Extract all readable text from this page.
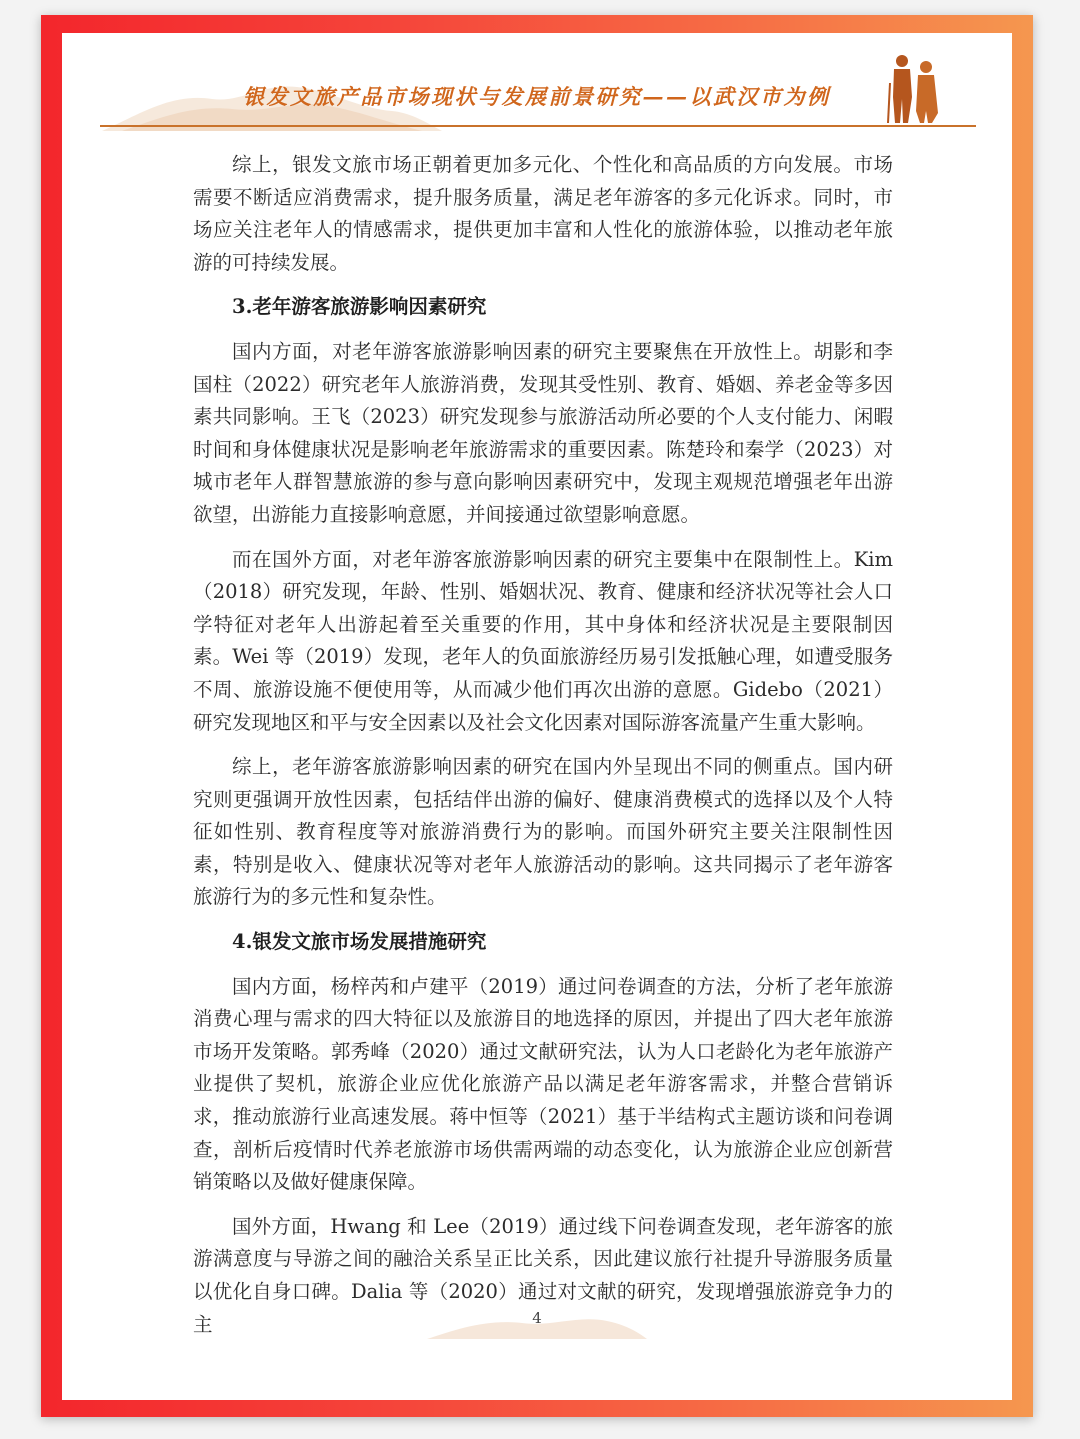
银发文旅产品市场现状与发展前景研究——以武汉市为例

综上，银发文旅市场正朝着更加多元化、个性化和高品质的方向发展。市场需要不断适应消费需求，提升服务质量，满足老年游客的多元化诉求。同时，市场应关注老年人的情感需求，提供更加丰富和人性化的旅游体验，以推动老年旅游的可持续发展。

3.老年游客旅游影响因素研究

国内方面，对老年游客旅游影响因素的研究主要聚焦在开放性上。胡影和李国柱（2022）研究老年人旅游消费，发现其受性别、教育、婚姻、养老金等多因素共同影响。王飞（2023）研究发现参与旅游活动所必要的个人支付能力、闲暇时间和身体健康状况是影响老年旅游需求的重要因素。陈楚玲和秦学（2023）对城市老年人群智慧旅游的参与意向影响因素研究中，发现主观规范增强老年出游欲望，出游能力直接影响意愿，并间接通过欲望影响意愿。

而在国外方面，对老年游客旅游影响因素的研究主要集中在限制性上。Kim（2018）研究发现，年龄、性别、婚姻状况、教育、健康和经济状况等社会人口学特征对老年人出游起着至关重要的作用，其中身体和经济状况是主要限制因素。Wei 等（2019）发现，老年人的负面旅游经历易引发抵触心理，如遭受服务不周、旅游设施不便使用等，从而减少他们再次出游的意愿。Gidebo（2021）研究发现地区和平与安全因素以及社会文化因素对国际游客流量产生重大影响。

综上，老年游客旅游影响因素的研究在国内外呈现出不同的侧重点。国内研究则更强调开放性因素，包括结伴出游的偏好、健康消费模式的选择以及个人特征如性别、教育程度等对旅游消费行为的影响。而国外研究主要关注限制性因素，特别是收入、健康状况等对老年人旅游活动的影响。这共同揭示了老年游客旅游行为的多元性和复杂性。

4.银发文旅市场发展措施研究

国内方面，杨梓芮和卢建平（2019）通过问卷调查的方法，分析了老年旅游消费心理与需求的四大特征以及旅游目的地选择的原因，并提出了四大老年旅游市场开发策略。郭秀峰（2020）通过文献研究法，认为人口老龄化为老年旅游产业提供了契机，旅游企业应优化旅游产品以满足老年游客需求，并整合营销诉求，推动旅游行业高速发展。蒋中恒等（2021）基于半结构式主题访谈和问卷调查，剖析后疫情时代养老旅游市场供需两端的动态变化，认为旅游企业应创新营销策略以及做好健康保障。

国外方面，Hwang 和 Lee（2019）通过线下问卷调查发现，老年游客的旅游满意度与导游之间的融洽关系呈正比关系，因此建议旅行社提升导游服务质量以优化自身口碑。Dalia 等（2020）通过对文献的研究，发现增强旅游竞争力的主	4
